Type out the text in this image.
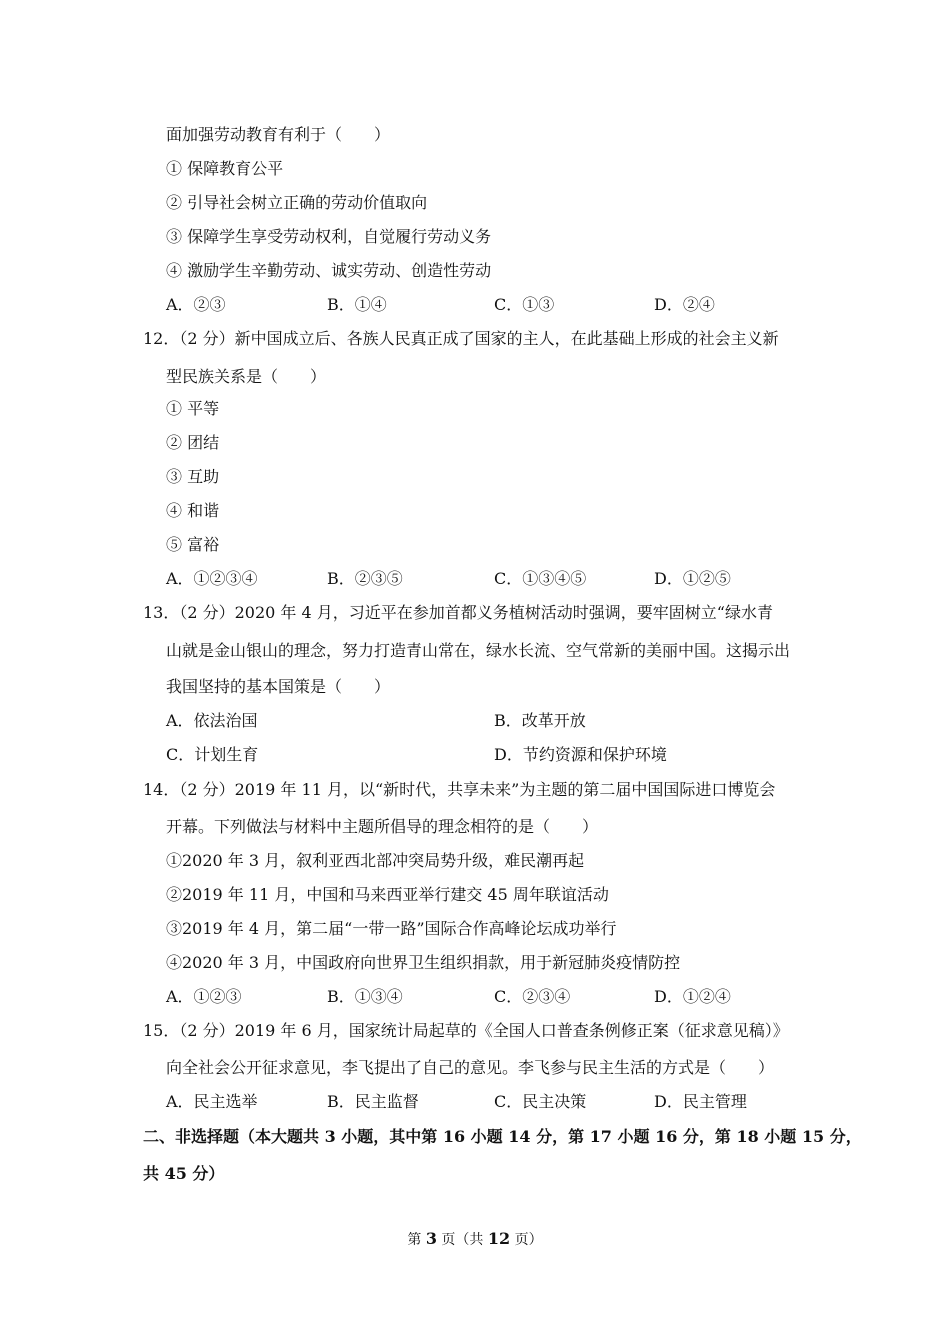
面加强劳动教育有利于（　　）
① 保障教育公平
② 引导社会树立正确的劳动价值取向
③ 保障学生享受劳动权利，自觉履行劳动义务
④ 激励学生辛勤劳动、诚实劳动、创造性劳动
A．②③	B．①④	C．①③	D．②④
12．（2 分）新中国成立后、各族人民真正成了国家的主人，在此基础上形成的社会主义新
型民族关系是（　　）
① 平等
② 团结
③ 互助
④ 和谐
⑤ 富裕
A．①②③④	B．②③⑤	C．①③④⑤	D．①②⑤
13．（2 分）2020 年 4 月，习近平在参加首都义务植树活动时强调，要牢固树立“绿水青
山就是金山银山的理念，努力打造青山常在，绿水长流、空气常新的美丽中国。这揭示出
我国坚持的基本国策是（　　）
A．依法治国	B．改革开放
C．计划生育	D．节约资源和保护环境
14．（2 分）2019 年 11 月，以“新时代，共享未来”为主题的第二届中国国际进口博览会
开幕。下列做法与材料中主题所倡导的理念相符的是（　　）
①2020 年 3 月，叙利亚西北部冲突局势升级，难民潮再起
②2019 年 11 月，中国和马来西亚举行建交 45 周年联谊活动
③2019 年 4 月，第二届“一带一路”国际合作高峰论坛成功举行
④2020 年 3 月，中国政府向世界卫生组织捐款，用于新冠肺炎疫情防控
A．①②③	B．①③④	C．②③④	D．①②④
15．（2 分）2019 年 6 月，国家统计局起草的《全国人口普查条例修正案（征求意见稿）》
向全社会公开征求意见，李飞提出了自己的意见。李飞参与民主生活的方式是（　　）
A．民主选举	B．民主监督	C．民主决策	D．民主管理
二、非选择题（本大题共 3 小题，其中第 16 小题 14 分，第 17 小题 16 分，第 18 小题 15 分，
共 45 分）
第 3 页（共 12 页）
